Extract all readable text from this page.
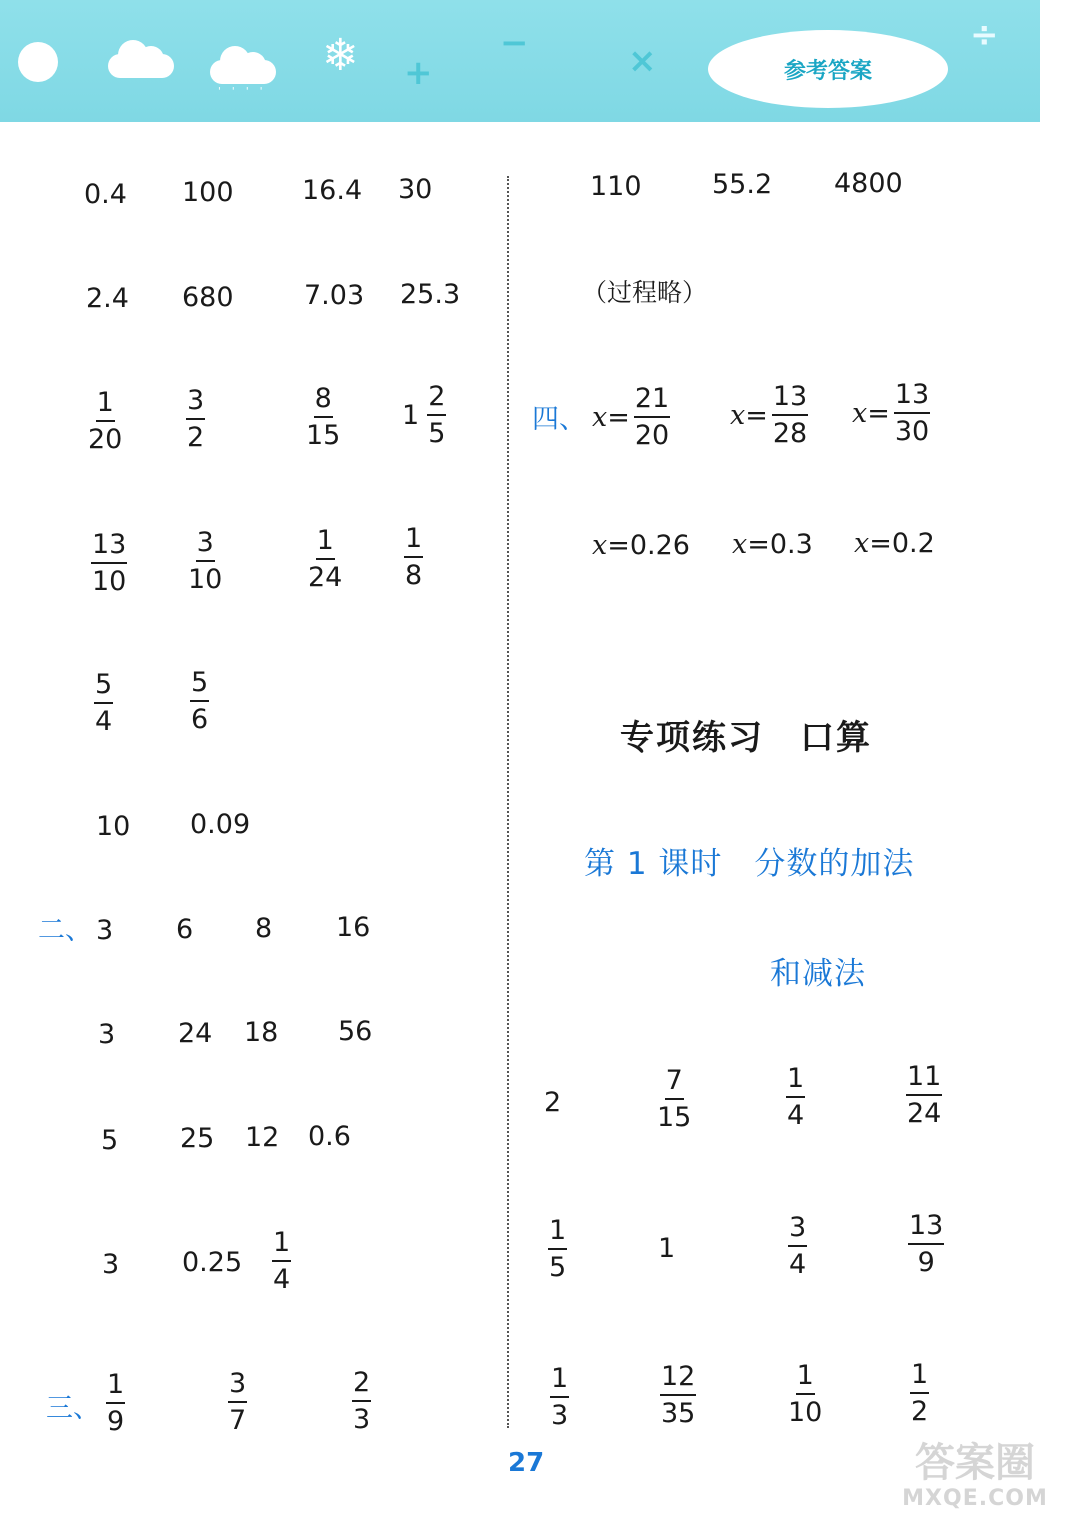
' ' ' '
❄ +
−	×
÷
参考答案
0.4 100	16.4 30
2.4 680	7.03 25.3
$\frac{1}{20} \frac{3}{2}$	$\frac{8}{15} 1 \frac{2}{5}$
$\frac{13}{10} \frac{3}{10}$	$\frac{1}{24} \frac{1}{8}$
$\frac{5}{4}$	$\frac{5}{6}$
10 0.09
二、 3 6 8 16
3 24 18 56
5 25 12 0.6
3 $0.25 \frac{1}{4}$
三、 $\frac{1}{9}$	$\frac{3}{7}$	$\frac{2}{3}$
110	55.2 4800
（过程略）
四、 $x = \frac{21}{20}$ $x = \frac{13}{28}$ $x = \frac{13}{30}$
x = 0.26 x = 0.3 x = 0.2
专项练习　口算
第 1 课时　分数的加法
和减法
2	$\frac{7}{15}$	$\frac{1}{4}$	$\frac{11}{24}$
$\frac{1}{5}$	1	$\frac{3}{4}$	$\frac{13}{9}$
$\frac{1}{3}$	$\frac{12}{35}$	$\frac{1}{10}$	$\frac{1}{2}$
27	答案圈
MXQE.COM
